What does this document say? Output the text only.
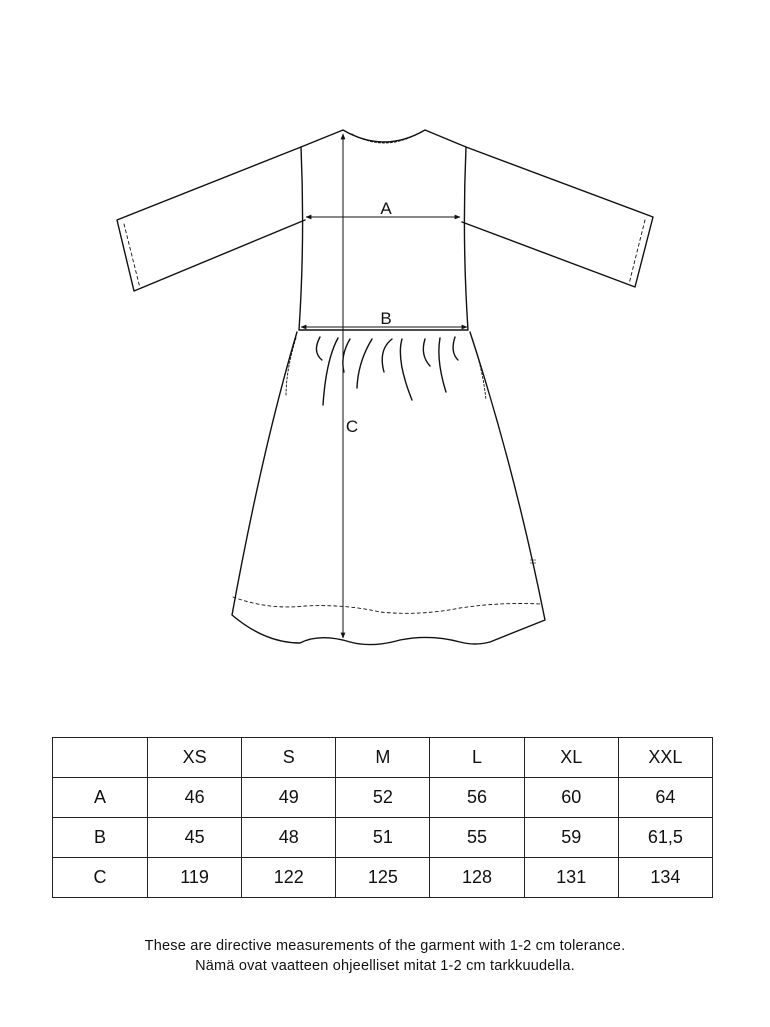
A
B
C
	XS	S	M	L	XL	XXL
A	46	49	52	56	60	64
B	45	48	51	55	59	61,5
C	119	122	125	128	131	134
These are directive measurements of the garment with 1-2 cm tolerance.
Nämä ovat vaatteen ohjeelliset mitat 1-2 cm tarkkuudella.
